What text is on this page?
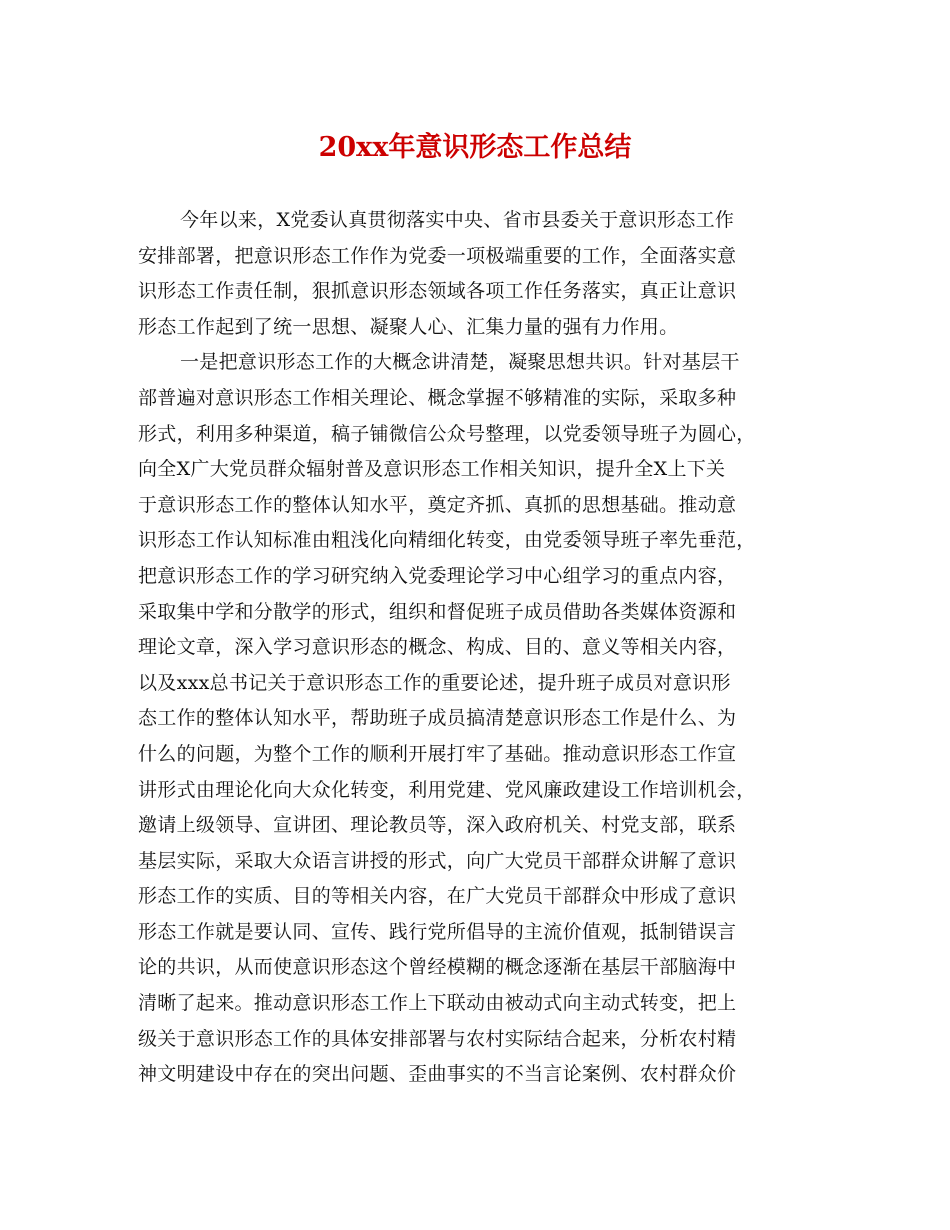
20xx年意识形态工作总结
今年以来，X党委认真贯彻落实中央、省市县委关于意识形态工作
安排部署，把意识形态工作作为党委一项极端重要的工作，全面落实意
识形态工作责任制，狠抓意识形态领域各项工作任务落实，真正让意识
形态工作起到了统一思想、凝聚人心、汇集力量的强有力作用。
一是把意识形态工作的大概念讲清楚，凝聚思想共识。针对基层干
部普遍对意识形态工作相关理论、概念掌握不够精准的实际，采取多种
形式，利用多种渠道，稿子铺微信公众号整理，以党委领导班子为圆心，
向全X广大党员群众辐射普及意识形态工作相关知识，提升全X上下关
于意识形态工作的整体认知水平，奠定齐抓、真抓的思想基础。推动意
识形态工作认知标准由粗浅化向精细化转变，由党委领导班子率先垂范，
把意识形态工作的学习研究纳入党委理论学习中心组学习的重点内容，
采取集中学和分散学的形式，组织和督促班子成员借助各类媒体资源和
理论文章，深入学习意识形态的概念、构成、目的、意义等相关内容，
以及xxx总书记关于意识形态工作的重要论述，提升班子成员对意识形
态工作的整体认知水平，帮助班子成员搞清楚意识形态工作是什么、为
什么的问题，为整个工作的顺利开展打牢了基础。推动意识形态工作宣
讲形式由理论化向大众化转变，利用党建、党风廉政建设工作培训机会，
邀请上级领导、宣讲团、理论教员等，深入政府机关、村党支部，联系
基层实际，采取大众语言讲授的形式，向广大党员干部群众讲解了意识
形态工作的实质、目的等相关内容，在广大党员干部群众中形成了意识
形态工作就是要认同、宣传、践行党所倡导的主流价值观，抵制错误言
论的共识，从而使意识形态这个曾经模糊的概念逐渐在基层干部脑海中
清晰了起来。推动意识形态工作上下联动由被动式向主动式转变，把上
级关于意识形态工作的具体安排部署与农村实际结合起来，分析农村精
神文明建设中存在的突出问题、歪曲事实的不当言论案例、农村群众价
